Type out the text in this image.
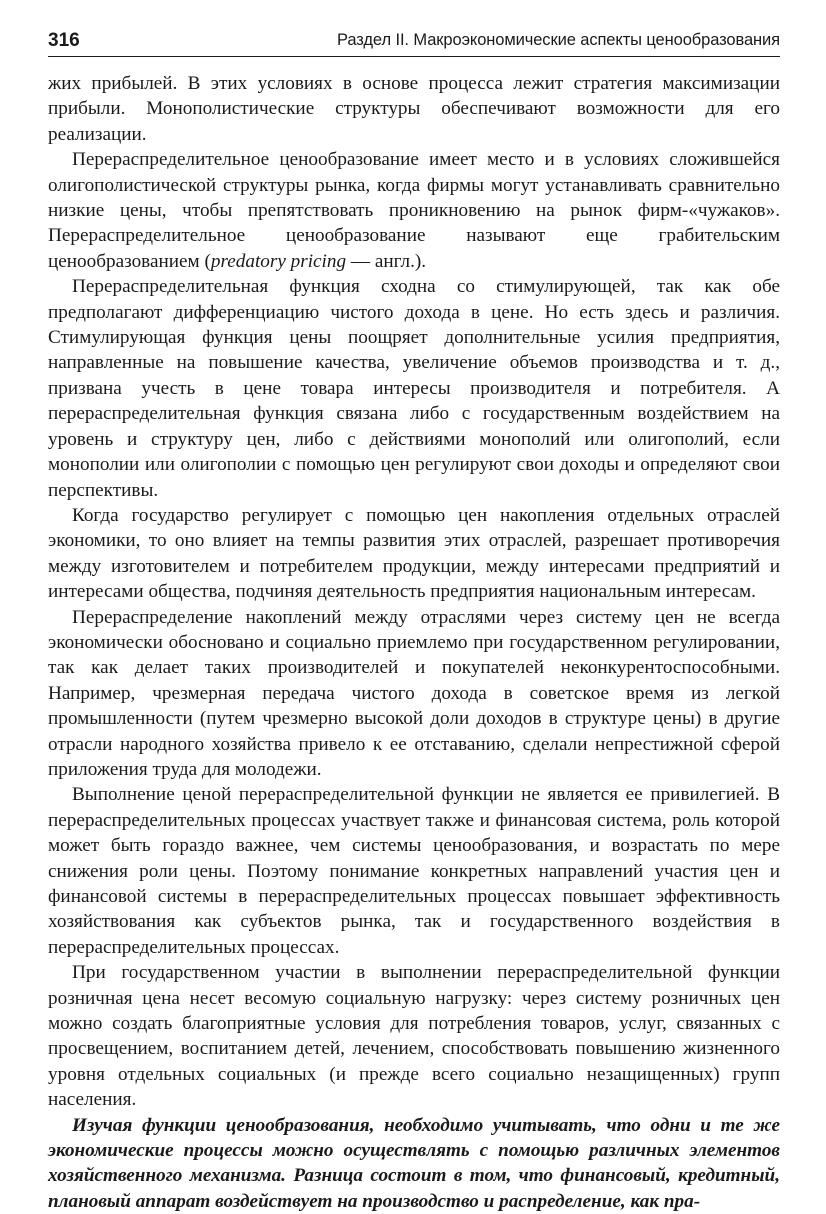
316	Раздел II. Макроэкономические аспекты ценообразования

жих прибылей. В этих условиях в основе процесса лежит стратегия максимизации прибыли. Монополистические структуры обеспечивают возможности для его реализации.

Перераспределительное ценообразование имеет место и в условиях сложившейся олигополистической структуры рынка, когда фирмы могут устанавливать сравнительно низкие цены, чтобы препятствовать проникновению на рынок фирм-«чужаков». Перераспределительное ценообразование называют еще грабительским ценообразованием (predatory pricing — англ.).

Перераспределительная функция сходна со стимулирующей, так как обе предполагают дифференциацию чистого дохода в цене. Но есть здесь и различия. Стимулирующая функция цены поощряет дополнительные усилия предприятия, направленные на повышение качества, увеличение объемов производства и т. д., призвана учесть в цене товара интересы производителя и потребителя. А перераспределительная функция связана либо с государственным воздействием на уровень и структуру цен, либо с действиями монополий или олигополий, если монополии или олигополии с помощью цен регулируют свои доходы и определяют свои перспективы.

Когда государство регулирует с помощью цен накопления отдельных отраслей экономики, то оно влияет на темпы развития этих отраслей, разрешает противоречия между изготовителем и потребителем продукции, между интересами предприятий и интересами общества, подчиняя деятельность предприятия национальным интересам.

Перераспределение накоплений между отраслями через систему цен не всегда экономически обосновано и социально приемлемо при государственном регулировании, так как делает таких производителей и покупателей неконкурентоспособными. Например, чрезмерная передача чистого дохода в советское время из легкой промышленности (путем чрезмерно высокой доли доходов в структуре цены) в другие отрасли народного хозяйства привело к ее отставанию, сделали непрестижной сферой приложения труда для молодежи.

Выполнение ценой перераспределительной функции не является ее привилегией. В перераспределительных процессах участвует также и финансовая система, роль которой может быть гораздо важнее, чем системы ценообразования, и возрастать по мере снижения роли цены. Поэтому понимание конкретных направлений участия цен и финансовой системы в перераспределительных процессах повышает эффективность хозяйствования как субъектов рынка, так и государственного воздействия в перераспределительных процессах.

При государственном участии в выполнении перераспределительной функции розничная цена несет весомую социальную нагрузку: через систему розничных цен можно создать благоприятные условия для потребления товаров, услуг, связанных с просвещением, воспитанием детей, лечением, способствовать повышению жизненного уровня отдельных социальных (и прежде всего социально незащищенных) групп населения.

Изучая функции ценообразования, необходимо учитывать, что одни и те же экономические процессы можно осуществлять с помощью различных элементов хозяйственного механизма. Разница состоит в том, что финансовый, кредитный, плановый аппарат воздействует на производство и распределение, как пра-
